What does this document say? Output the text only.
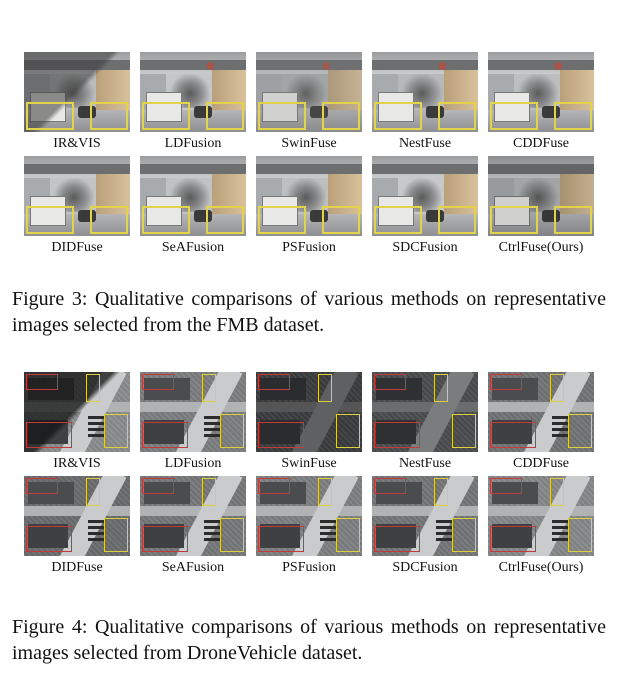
IR&VIS	LDFusion	SwinFuse	NestFuse	CDDFuse
DIDFuse	SeAFusion	PSFusion	SDCFusion	CtrlFuse(Ours)
Figure 3: Qualitative comparisons of various methods on representative images selected from the FMB dataset.
IR&VIS	LDFusion	SwinFuse	NestFuse	CDDFuse
DIDFuse	SeAFusion	PSFusion	SDCFusion	CtrlFuse(Ours)
Figure 4: Qualitative comparisons of various methods on representative images selected from DroneVehicle dataset.
